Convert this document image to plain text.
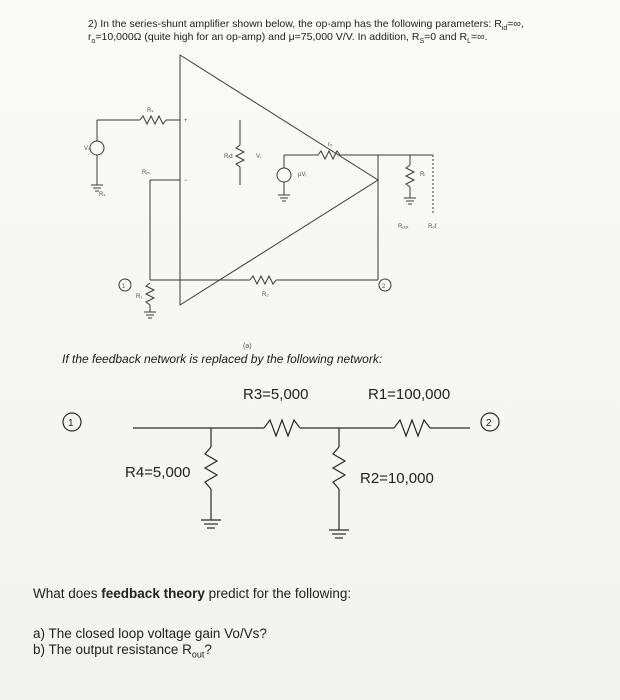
2) In the series-shunt amplifier shown below, the op-amp has the following parameters: $R_{id}=\infty$,
$r_o=10,000\Omega$ (quite high for an op-amp) and μ=75,000 V/V. In addition, $R_S=0$ and $R_L=\infty$.
Vₛ
Rₛ
Rₛ
Rᵢₙ
Rᵢd	Vᵢ
rₒ
μVᵢ	Rₗ
Rₒᵤₜ	Rₒf
R₁	R₂
1	2
+
−
(a)
1	2
R3=5,000	R1=100,000
R4=5,000	R2=10,000
If the feedback network is replaced by the following network:
What does feedback theory predict for the following:
a) The closed loop voltage gain Vo/Vs?
b) The output resistance $R_{out}$?
